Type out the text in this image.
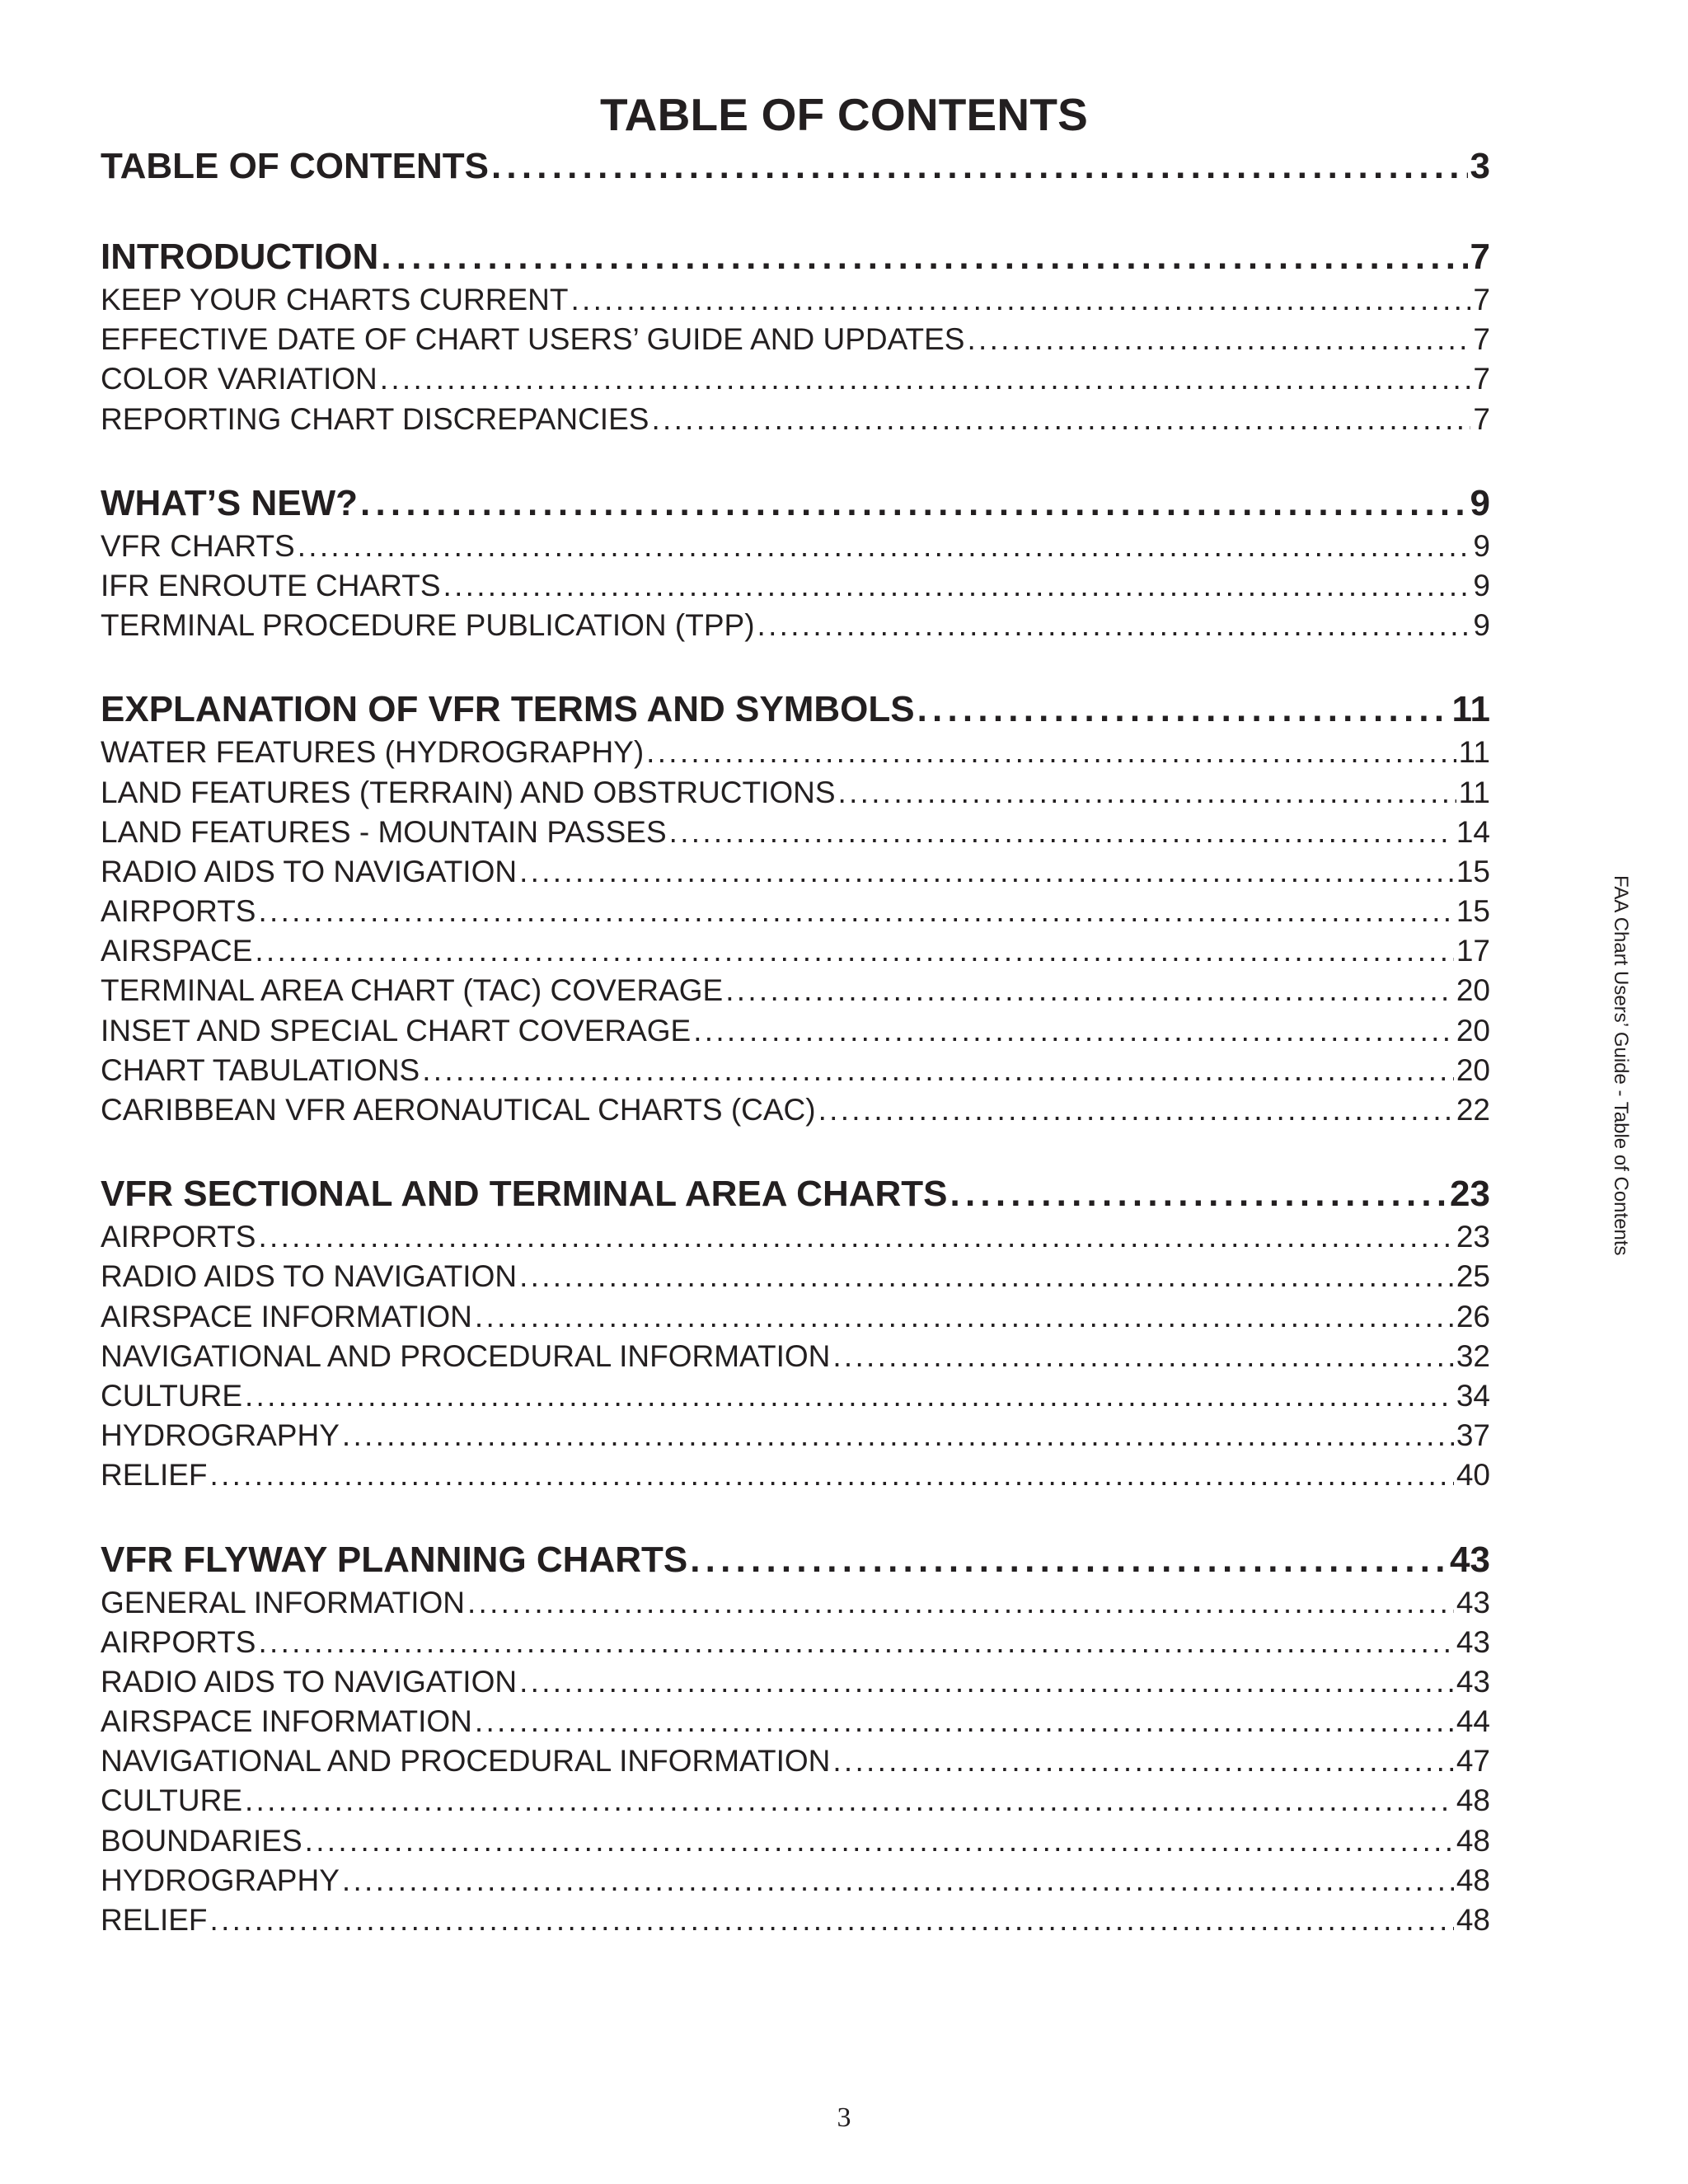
TABLE OF CONTENTS
TABLE OF CONTENTS . . .	3
INTRODUCTION . . .	7
KEEP YOUR CHARTS CURRENT . . .	7
EFFECTIVE DATE OF CHART USERS’ GUIDE AND UPDATES . . .	7
COLOR VARIATION . . .	7
REPORTING CHART DISCREPANCIES . . .	7
WHAT’S NEW? . . .	9
VFR CHARTS . . .	9
IFR ENROUTE CHARTS . . .	9
TERMINAL PROCEDURE PUBLICATION (TPP) . . .	9
EXPLANATION OF VFR TERMS AND SYMBOLS . . .	11
WATER FEATURES (HYDROGRAPHY) . . .	11
LAND FEATURES (TERRAIN) AND OBSTRUCTIONS . . .	11
LAND FEATURES - MOUNTAIN PASSES . . .	14
RADIO AIDS TO NAVIGATION . . .	15
AIRPORTS . . .	15
AIRSPACE . . .	17
TERMINAL AREA CHART (TAC) COVERAGE . . .	20
INSET AND SPECIAL CHART COVERAGE . . .	20
CHART TABULATIONS . . .	20
CARIBBEAN VFR AERONAUTICAL CHARTS (CAC) . . .	22
VFR SECTIONAL AND TERMINAL AREA CHARTS . . .	23
AIRPORTS . . .	23
RADIO AIDS TO NAVIGATION . . .	25
AIRSPACE INFORMATION . . .	26
NAVIGATIONAL AND PROCEDURAL INFORMATION . . .	32
CULTURE . . .	34
HYDROGRAPHY . . .	37
RELIEF . . .	40
VFR FLYWAY PLANNING CHARTS . . .	43
GENERAL INFORMATION . . .	43
AIRPORTS . . .	43
RADIO AIDS TO NAVIGATION . . .	43
AIRSPACE INFORMATION . . .	44
NAVIGATIONAL AND PROCEDURAL INFORMATION . . .	47
CULTURE . . .	48
BOUNDARIES . . .	48
HYDROGRAPHY . . .	48
RELIEF . . .	48
FAA Chart Users’ Guide - Table of Contents
3
